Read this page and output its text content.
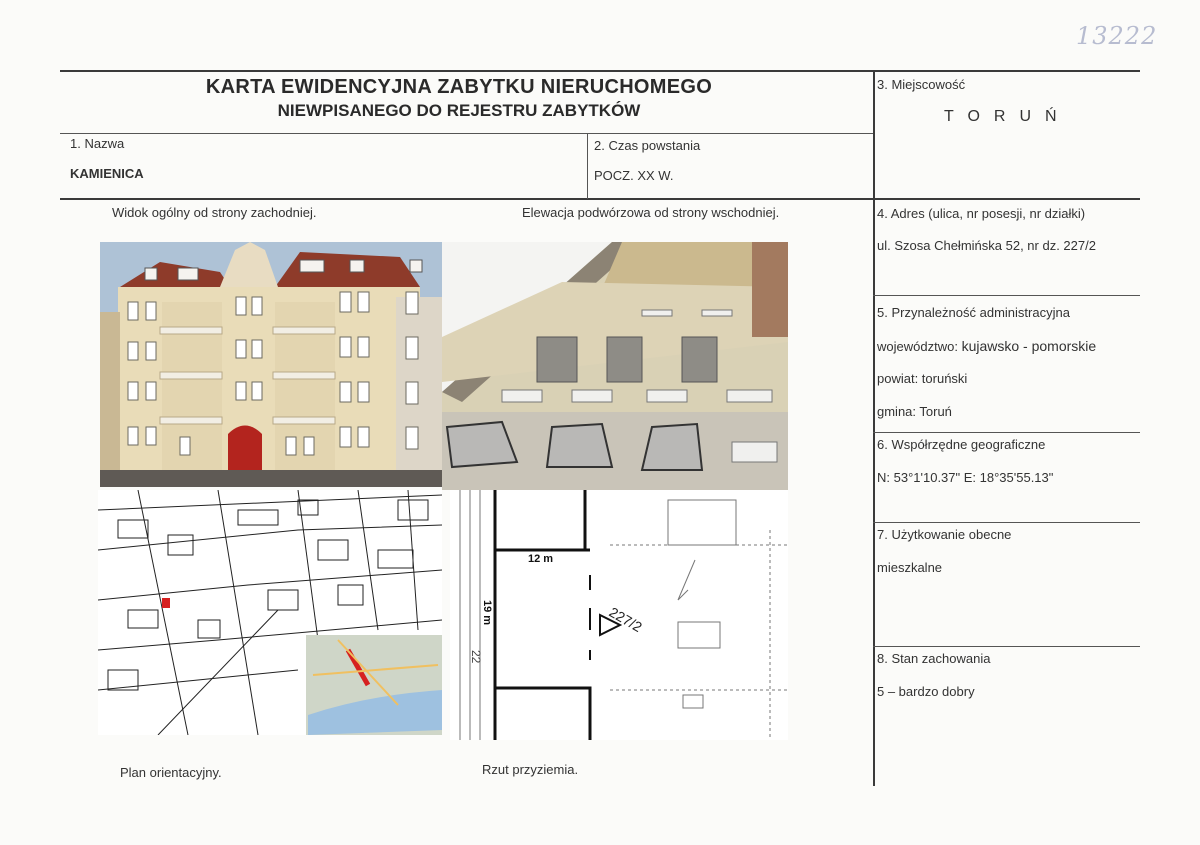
13222
KARTA EWIDENCYJNA ZABYTKU NIERUCHOMEGO
NIEWPISANEGO DO REJESTRU ZABYTKÓW
1. Nazwa
KAMIENICA
2. Czas powstania
POCZ. XX W.
3. Miejscowość
TORUŃ
4. Adres (ulica, nr posesji, nr działki)
ul. Szosa Chełmińska 52, nr dz. 227/2
5. Przynależność administracyjna
województwo: kujawsko - pomorskie
powiat: toruński
gmina: Toruń
6. Współrzędne geograficzne
N: 53°1'10.37" E: 18°35'55.13"
7. Użytkowanie obecne
mieszkalne
8. Stan zachowania
5 – bardzo dobry
Widok ogólny od strony zachodniej.	Elewacja podwórzowa od strony wschodniej.
Plan orientacyjny.	Rzut przyziemia.
12 m
19 m	227/2
22
